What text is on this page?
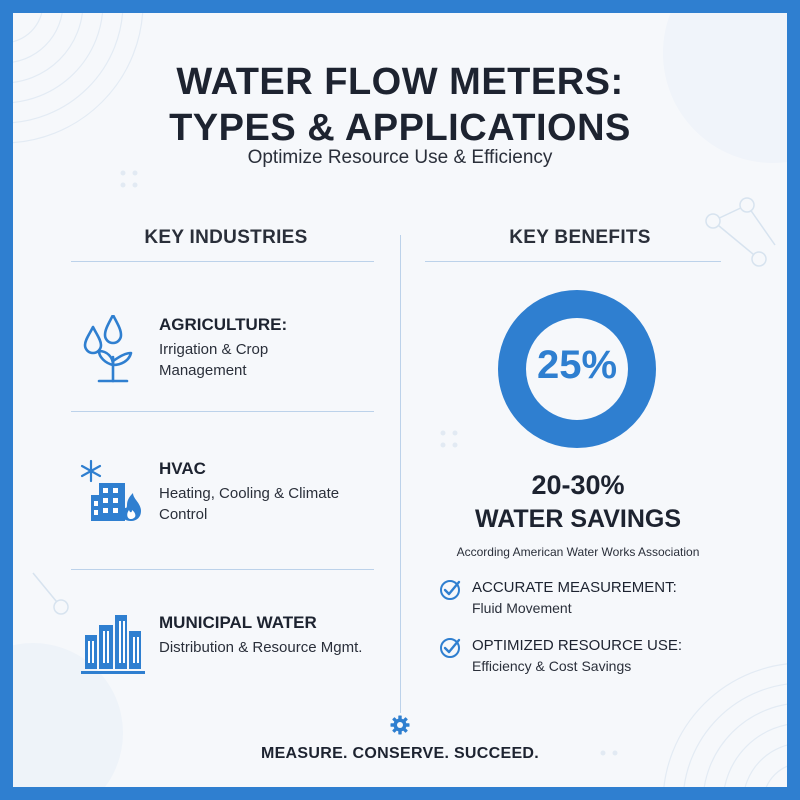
WATER FLOW METERS:
TYPES & APPLICATIONS
Optimize Resource Use & Efficiency
KEY INDUSTRIES	KEY BENEFITS
AGRICULTURE:
Irrigation & Crop Management
HVAC
Heating, Cooling & Climate Control
MUNICIPAL WATER
Distribution & Resource Mgmt.
25%
20-30%
WATER SAVINGS
According American Water Works Association
ACCURATE MEASUREMENT:
Fluid Movement
OPTIMIZED RESOURCE USE:
Efficiency & Cost Savings
MEASURE. CONSERVE. SUCCEED.
